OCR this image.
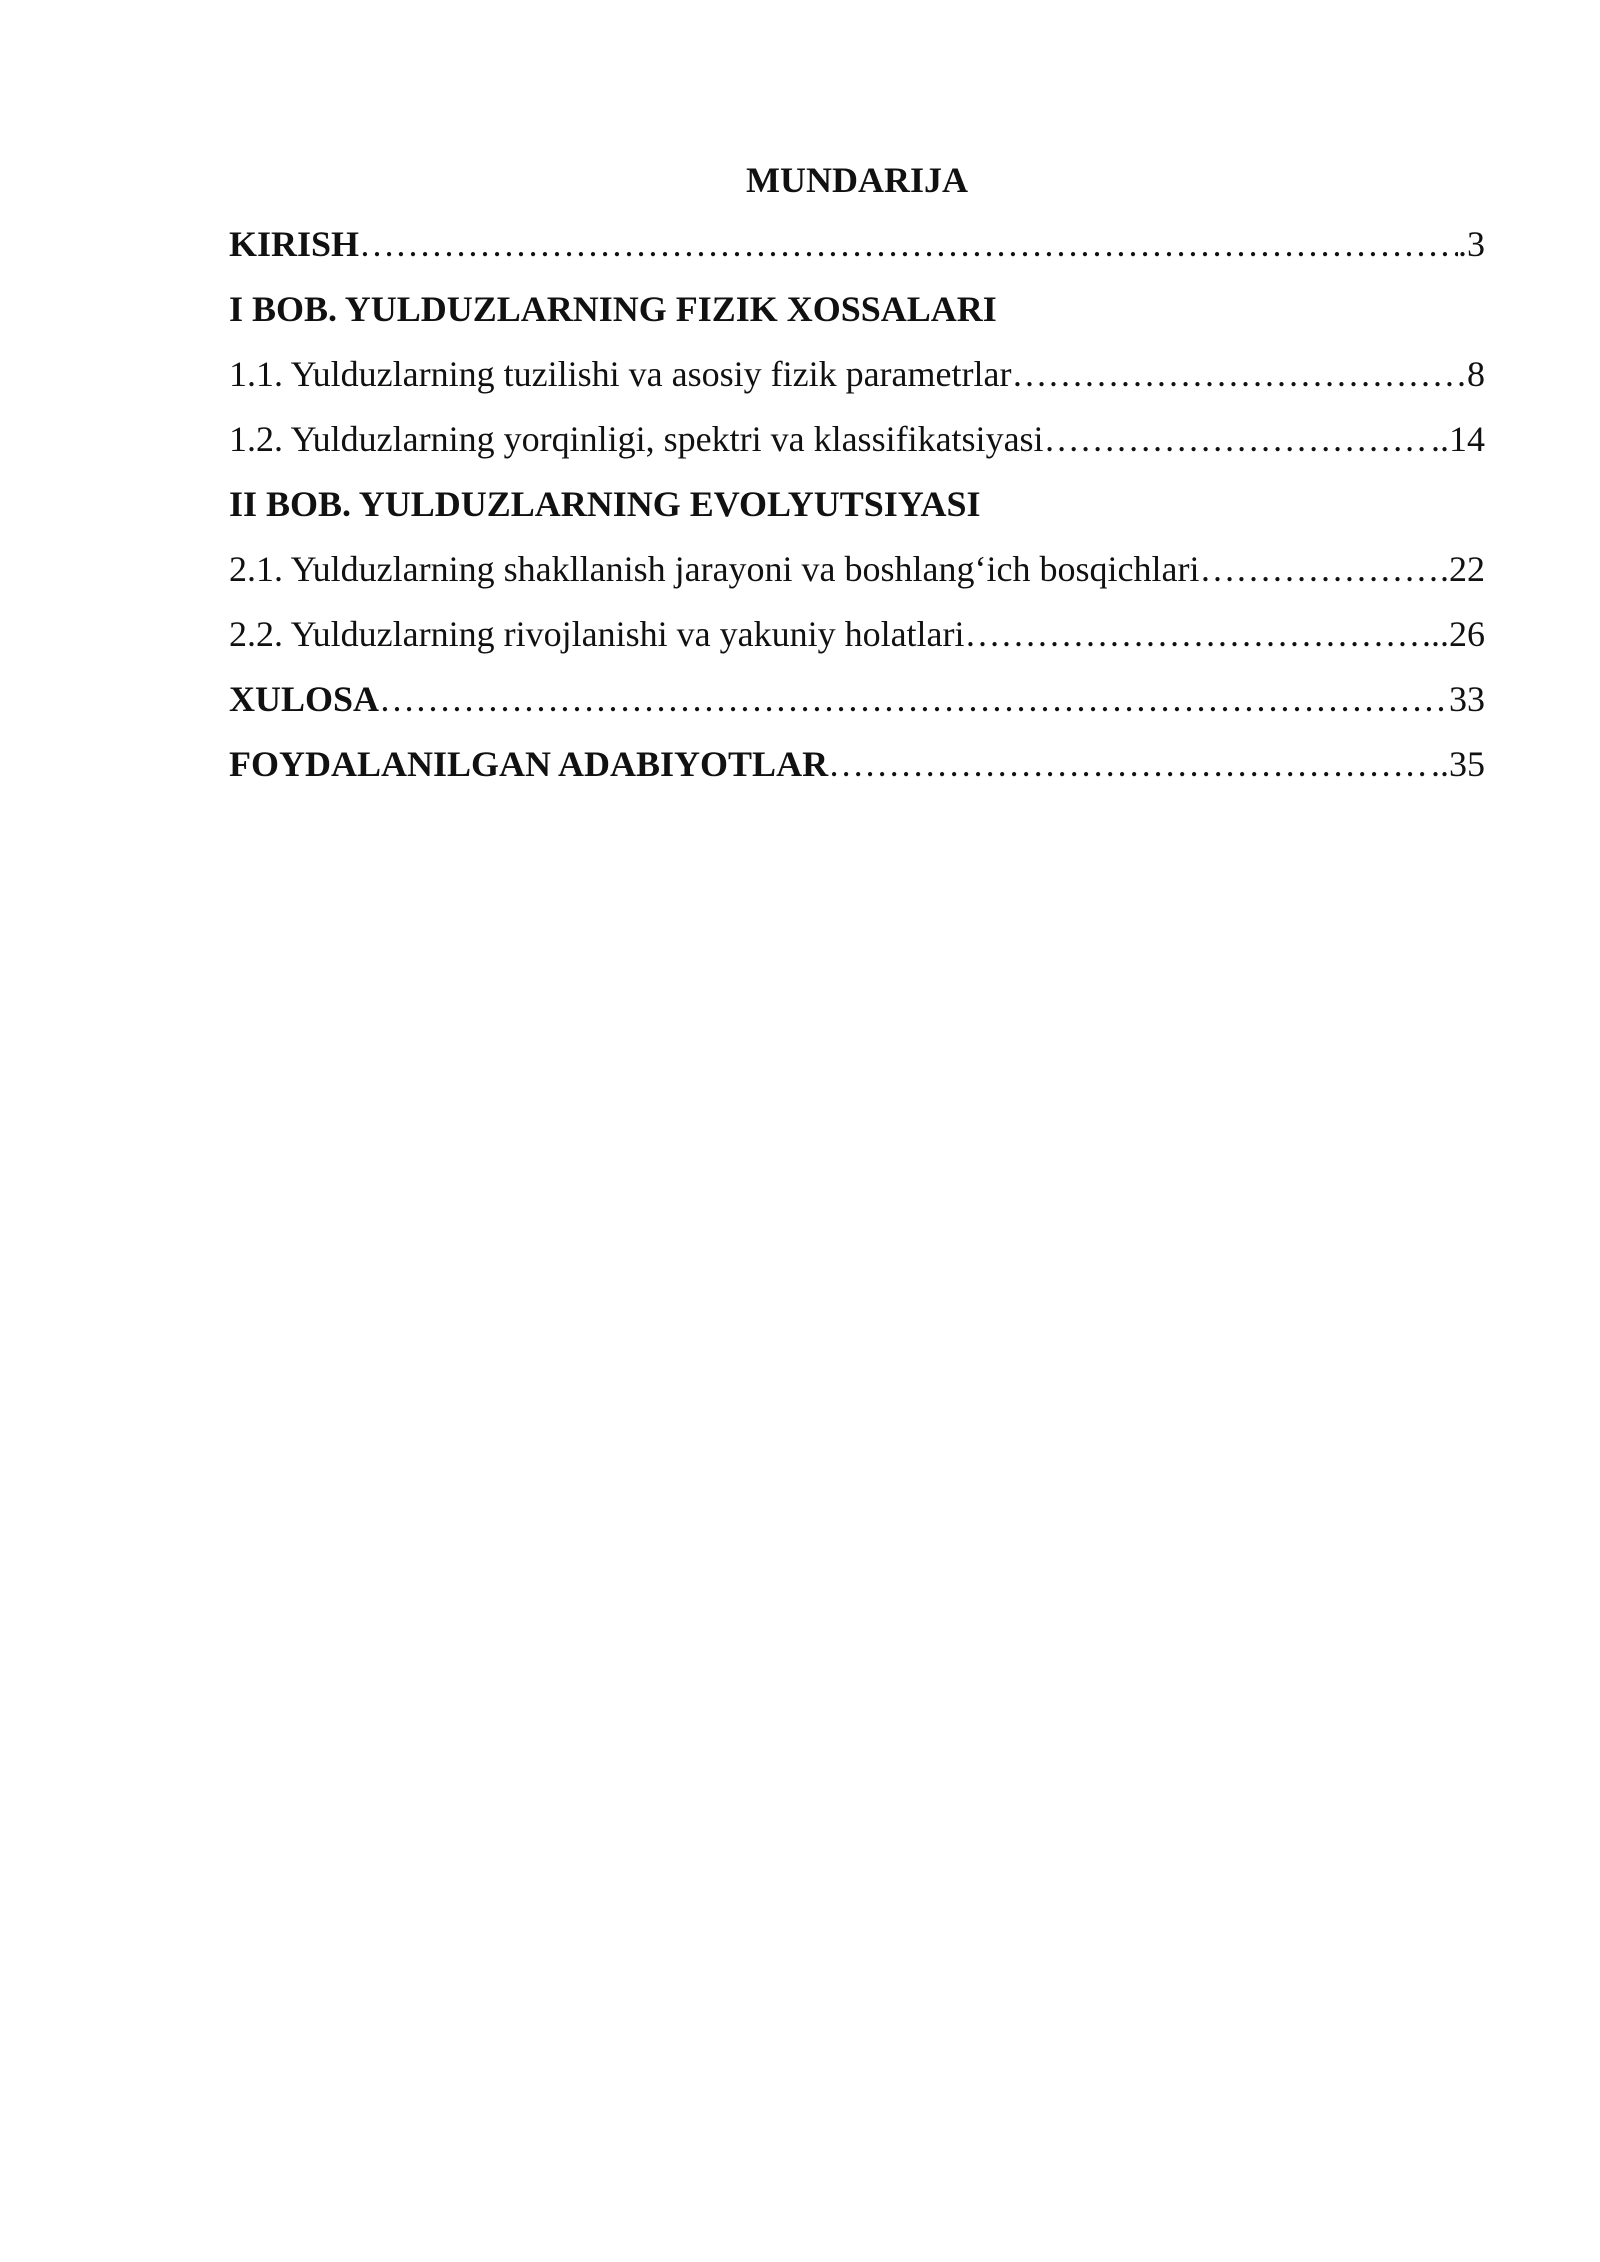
MUNDARIJA
KIRISH ……………………………………………………………………………………………………………………………………………………………………………	.3
I BOB. YULDUZLARNING FIZIK XOSSALARI
1.1. Yulduzlarning tuzilishi va asosiy fizik parametrlar ……………………………………………………………………………………………………………………………………………………………………………	8
1.2. Yulduzlarning yorqinligi, spektri va klassifikatsiyasi ……………………………………………………………………………………………………………………………………………………………………………	..14
II BOB. YULDUZLARNING EVOLYUTSIYASI
2.1. Yulduzlarning shakllanish jarayoni va boshlang‘ich bosqichlari ……………………………………………………………………………………………………………………………………………………………………………	.22
2.2. Yulduzlarning rivojlanishi va yakuniy holatlari ……………………………………………………………………………………………………………………………………………………………………………	...26
XULOSA ……………………………………………………………………………………………………………………………………………………………………………	33
FOYDALANILGAN ADABIYOTLAR ……………………………………………………………………………………………………………………………………………………………………………	..35
